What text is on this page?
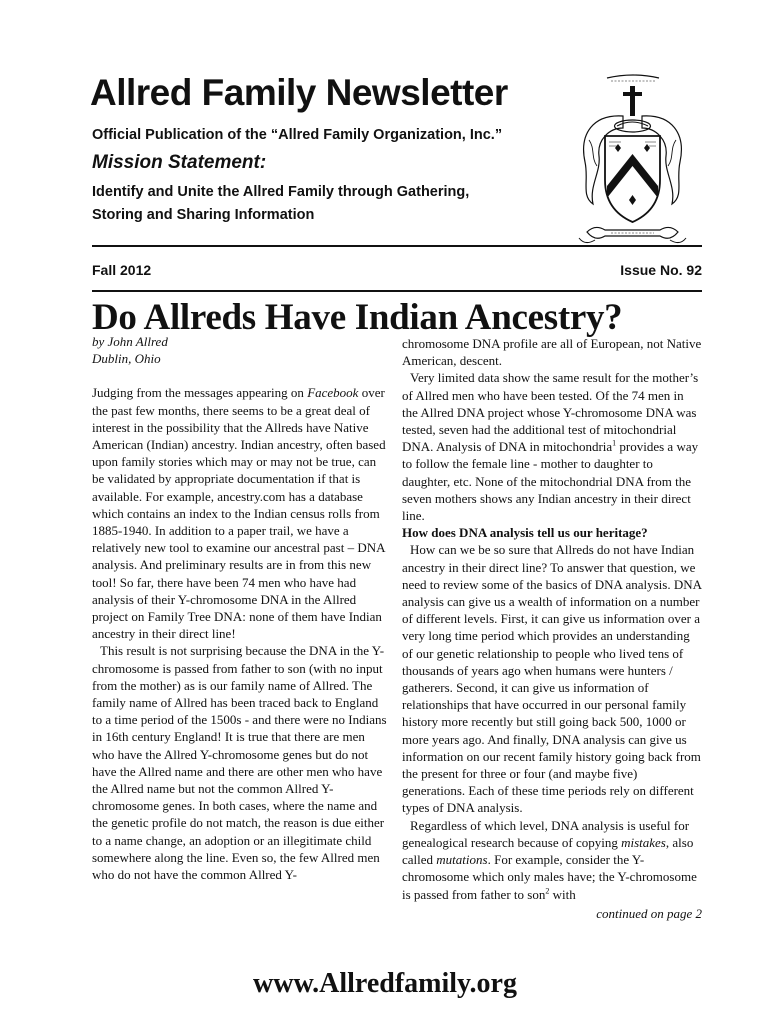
Allred Family Newsletter
Official Publication of the “Allred Family Organization, Inc.”
Mission Statement:
Identify and Unite the Allred Family through Gathering,
Storing and Sharing Information
Fall 2012	Issue No. 92
Do Allreds Have Indian Ancestry?

by John Allred

Dublin, Ohio

Judging from the messages appearing on Facebook over the past few months, there seems to be a great deal of interest in the possibility that the Allreds have Native American (Indian) ancestry. Indian ancestry, often based upon family stories which may or may not be true, can be validated by appropriate documentation if that is available. For example, ancestry.com has a database which contains an index to the Indian census rolls from 1885-1940. In addition to a paper trail, we have a relatively new tool to examine our ancestral past – DNA analysis. And preliminary results are in from this new tool! So far, there have been 74 men who have had analysis of their Y-chromosome DNA in the Allred project on Family Tree DNA: none of them have Indian ancestry in their direct line!

This result is not surprising because the DNA in the Y-chromosome is passed from father to son (with no input from the mother) as is our family name of Allred. The family name of Allred has been traced back to England to a time period of the 1500s - and there were no Indians in 16th century England! It is true that there are men who have the Allred Y-chromosome genes but do not have the Allred name and there are other men who have the Allred name but not the common Allred Y-chromosome genes. In both cases, where the name and the genetic profile do not match, the reason is due either to a name change, an adoption or an illegitimate child somewhere along the line. Even so, the few Allred men who do not have the common Allred Y-

chromosome DNA profile are all of European, not Native American, descent.

Very limited data show the same result for the mother’s of Allred men who have been tested. Of the 74 men in the Allred DNA project whose Y-chromosome DNA was tested, seven had the additional test of mitochondrial DNA. Analysis of DNA in mitochondria$^1$ provides a way to follow the female line - mother to daughter to daughter, etc. None of the mitochondrial DNA from the seven mothers shows any Indian ancestry in their direct line.

How does DNA analysis tell us our heritage?

How can we be so sure that Allreds do not have Indian ancestry in their direct line? To answer that question, we need to review some of the basics of DNA analysis. DNA analysis can give us a wealth of information on a number of different levels. First, it can give us information over a very long time period which provides an understanding of our genetic relationship to people who lived tens of thousands of years ago when humans were hunters / gatherers. Second, it can give us information of relationships that have occurred in our personal family history more recently but still going back 500, 1000 or more years ago. And finally, DNA analysis can give us information on our recent family history going back from the present for three or four (and maybe five) generations. Each of these time periods rely on different types of DNA analysis.

Regardless of which level, DNA analysis is useful for genealogical research because of copying mistakes, also called mutations. For example, consider the Y-chromosome which only males have; the Y-chromosome is passed from father to son$^2$ with

continued on page 2

www.Allredfamily.org
